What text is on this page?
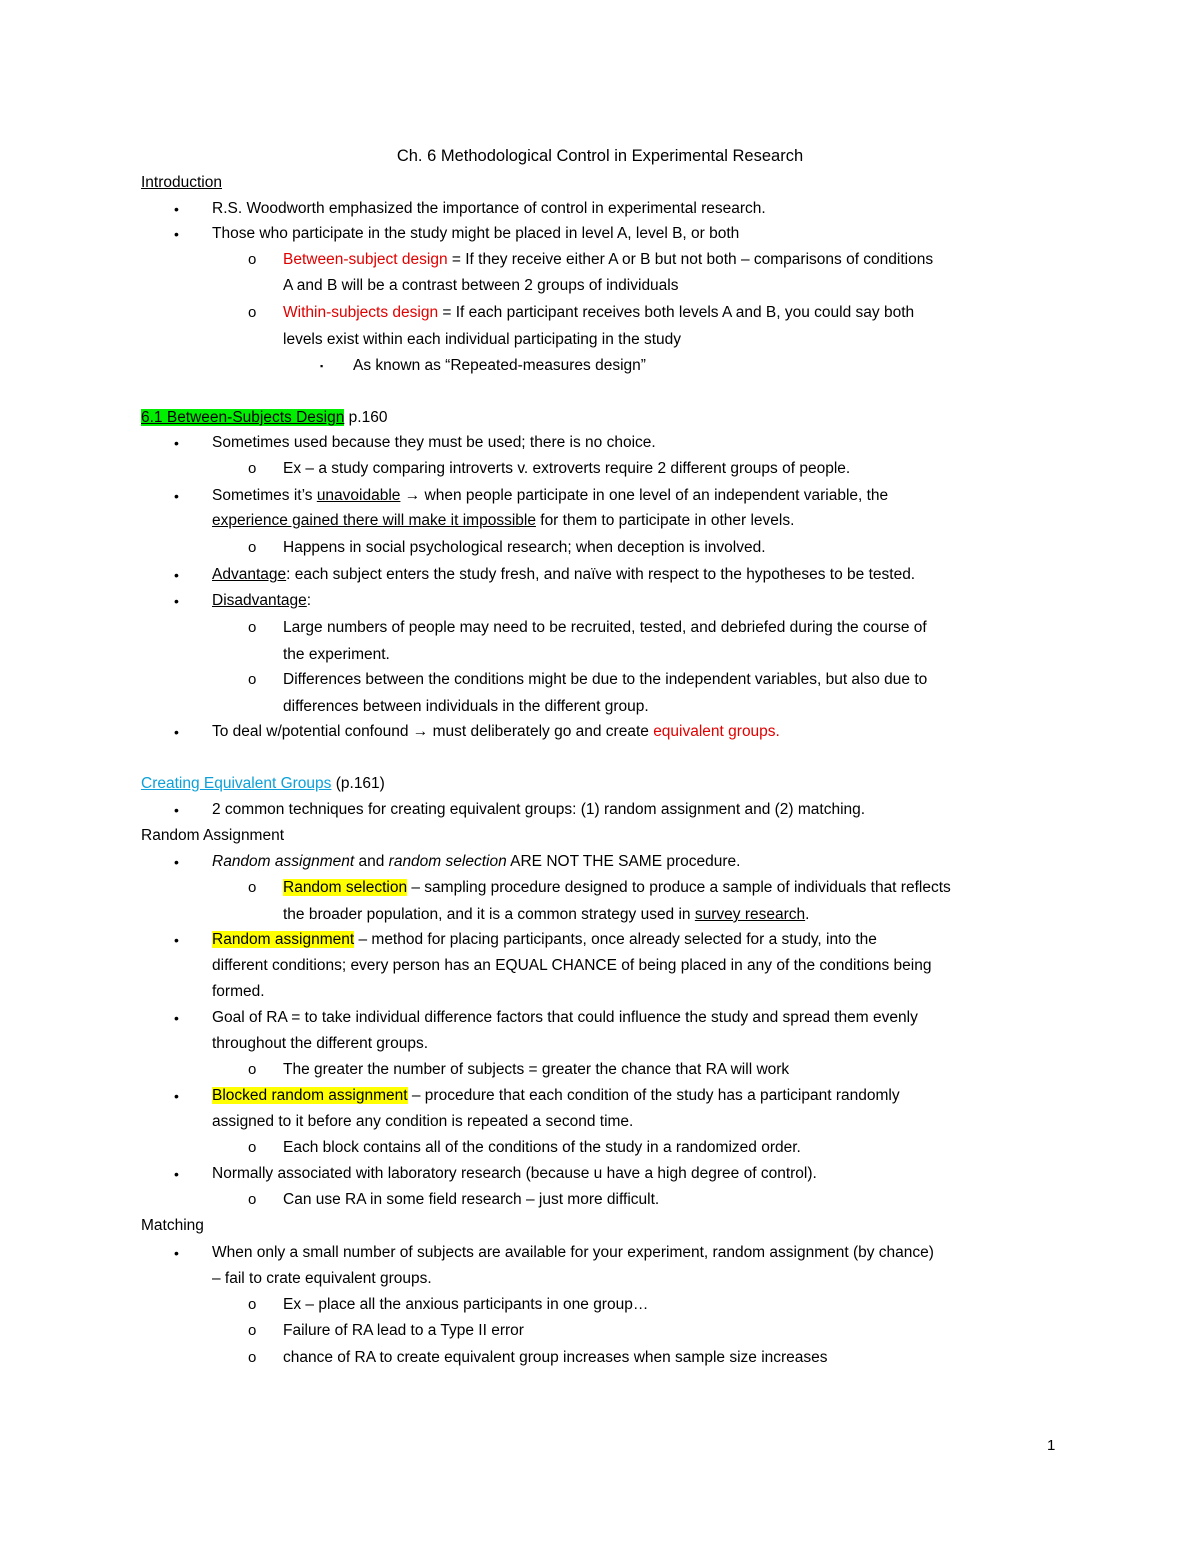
Ch. 6 Methodological Control in Experimental Research
Introduction
• R.S. Woodworth emphasized the importance of control in experimental research.
• Those who participate in the study might be placed in level A, level B, or both
o Between-subject design = If they receive either A or B but not both – comparisons of conditions
A and B will be a contrast between 2 groups of individuals
o Within-subjects design = If each participant receives both levels A and B, you could say both
levels exist within each individual participating in the study
▪ As known as “Repeated-measures design”
6.1 Between-Subjects Design p.160
• Sometimes used because they must be used; there is no choice.
o Ex – a study comparing introverts v. extroverts require 2 different groups of people.
• Sometimes it’s unavoidable → when people participate in one level of an independent variable, the
experience gained there will make it impossible for them to participate in other levels.
o Happens in social psychological research; when deception is involved.
• Advantage: each subject enters the study fresh, and naïve with respect to the hypotheses to be tested.
• Disadvantage:
o Large numbers of people may need to be recruited, tested, and debriefed during the course of
the experiment.
o Differences between the conditions might be due to the independent variables, but also due to
differences between individuals in the different group.
• To deal w/potential confound → must deliberately go and create equivalent groups.
Creating Equivalent Groups (p.161)
• 2 common techniques for creating equivalent groups: (1) random assignment and (2) matching.
Random Assignment
• Random assignment and random selection ARE NOT THE SAME procedure.
o Random selection – sampling procedure designed to produce a sample of individuals that reflects
the broader population, and it is a common strategy used in survey research.
• Random assignment – method for placing participants, once already selected for a study, into the
different conditions; every person has an EQUAL CHANCE of being placed in any of the conditions being
formed.
• Goal of RA = to take individual difference factors that could influence the study and spread them evenly
throughout the different groups.
o The greater the number of subjects = greater the chance that RA will work
• Blocked random assignment – procedure that each condition of the study has a participant randomly
assigned to it before any condition is repeated a second time.
o Each block contains all of the conditions of the study in a randomized order.
• Normally associated with laboratory research (because u have a high degree of control).
o Can use RA in some field research – just more difficult.
Matching
• When only a small number of subjects are available for your experiment, random assignment (by chance)
– fail to crate equivalent groups.
o Ex – place all the anxious participants in one group…
o Failure of RA lead to a Type II error
o chance of RA to create equivalent group increases when sample size increases
1
